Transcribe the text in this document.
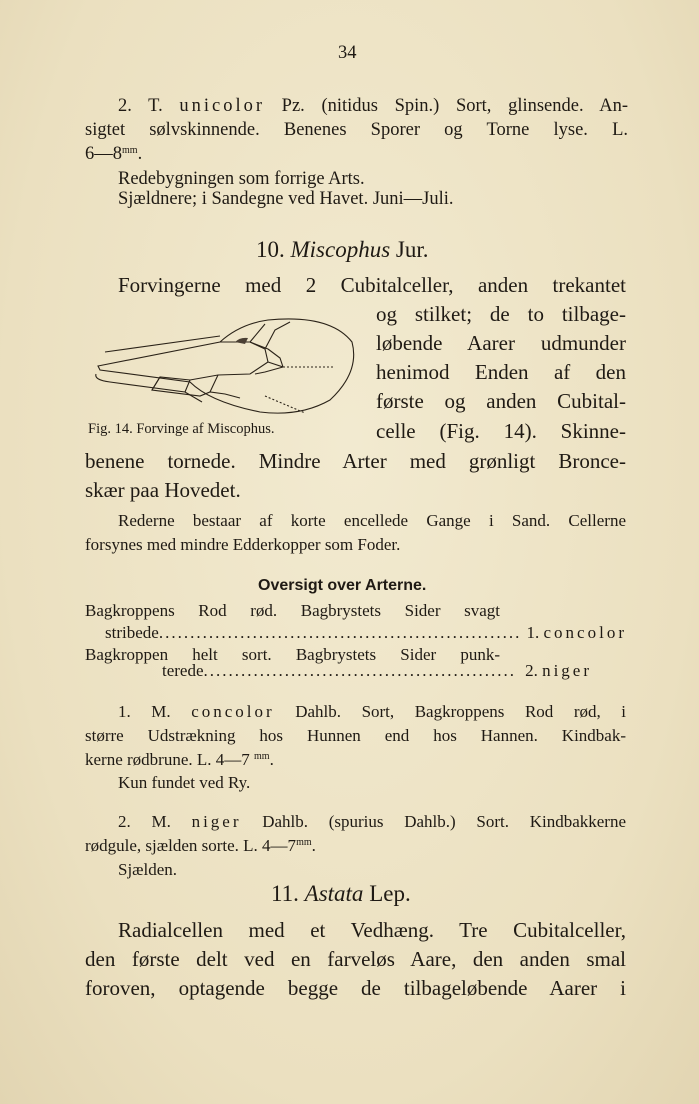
34
2. T. unicolor Pz. (nitidus Spin.) Sort, glinsende. An-
sigtet sølvskinnende. Benenes Sporer og Torne lyse. L.
$6—8^{mm}$.
Redebygningen som forrige Arts.
Sjældnere; i Sandegne ved Havet. Juni—Juli.
10. Miscophus Jur.
Forvingerne med 2 Cubitalceller, anden trekantet
og stilket; de to tilbage-
løbende Aarer udmunder
henimod Enden af den
første og anden Cubital-
celle (Fig. 14). Skinne-
benene tornede. Mindre Arter med grønligt Bronce-
skær paa Hovedet.
Fig. 14. Forvinge af Miscophus.
Rederne bestaar af korte encellede Gange i Sand. Cellerne
forsynes med mindre Edderkopper som Foder.
Oversigt over Arterne.
Bagkroppens Rod rød. Bagbrystets Sider svagt
stribede .....	1.
concolor
Bagkroppen helt sort. Bagbrystets Sider punk-
terede .....	2.
niger
1. M. concolor Dahlb. Sort, Bagkroppens Rod rød, i
større Udstrækning hos Hunnen end hos Hannen. Kindbak-
kerne rødbrune. L. 4—7 $^{mm}$.
Kun fundet ved Ry.
2. M. niger Dahlb. (spurius Dahlb.) Sort. Kindbakkerne
rødgule, sjælden sorte. L. $4—7^{mm}$.
Sjælden.
11. Astata Lep.
Radialcellen med et Vedhæng. Tre Cubitalceller,
den første delt ved en farveløs Aare, den anden smal
foroven, optagende begge de tilbageløbende Aarer i
